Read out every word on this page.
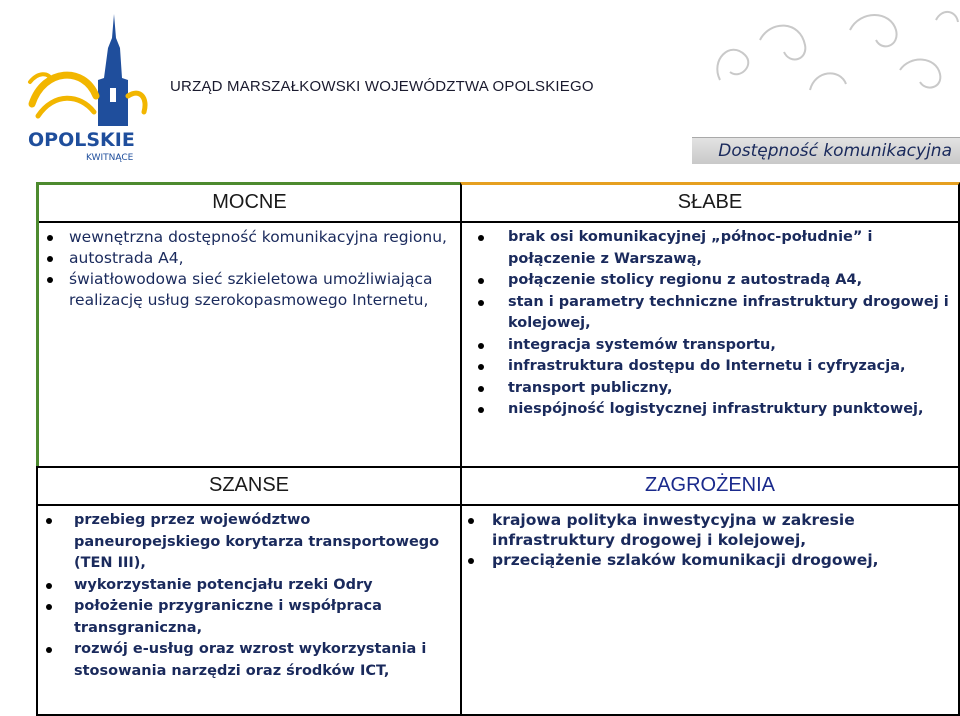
OPOLSKIE
KWITNĄCE
URZĄD MARSZAŁKOWSKI WOJEWÓDZTWA OPOLSKIEGO
Dostępność komunikacyjna
MOCNE
wewnętrzna dostępność komunikacyjna regionu,
autostrada A4,
światłowodowa sieć szkieletowa umożliwiająca realizację usług szerokopasmowego Internetu,
SŁABE
brak osi komunikacyjnej „północ-południe” i połączenie z Warszawą,
połączenie stolicy regionu z autostradą A4,
stan i parametry techniczne infrastruktury drogowej i kolejowej,
integracja systemów transportu,
infrastruktura dostępu do Internetu i cyfryzacja,
transport publiczny,
niespójność logistycznej infrastruktury punktowej,
SZANSE
przebieg przez województwo paneuropejskiego korytarza transportowego (TEN III),
wykorzystanie potencjału rzeki Odry
położenie przygraniczne i współpraca transgraniczna,
rozwój e-usług oraz wzrost wykorzystania i stosowania narzędzi oraz środków ICT,
ZAGROŻENIA
krajowa polityka inwestycyjna w zakresie infrastruktury drogowej i kolejowej,
przeciążenie szlaków komunikacji drogowej,
